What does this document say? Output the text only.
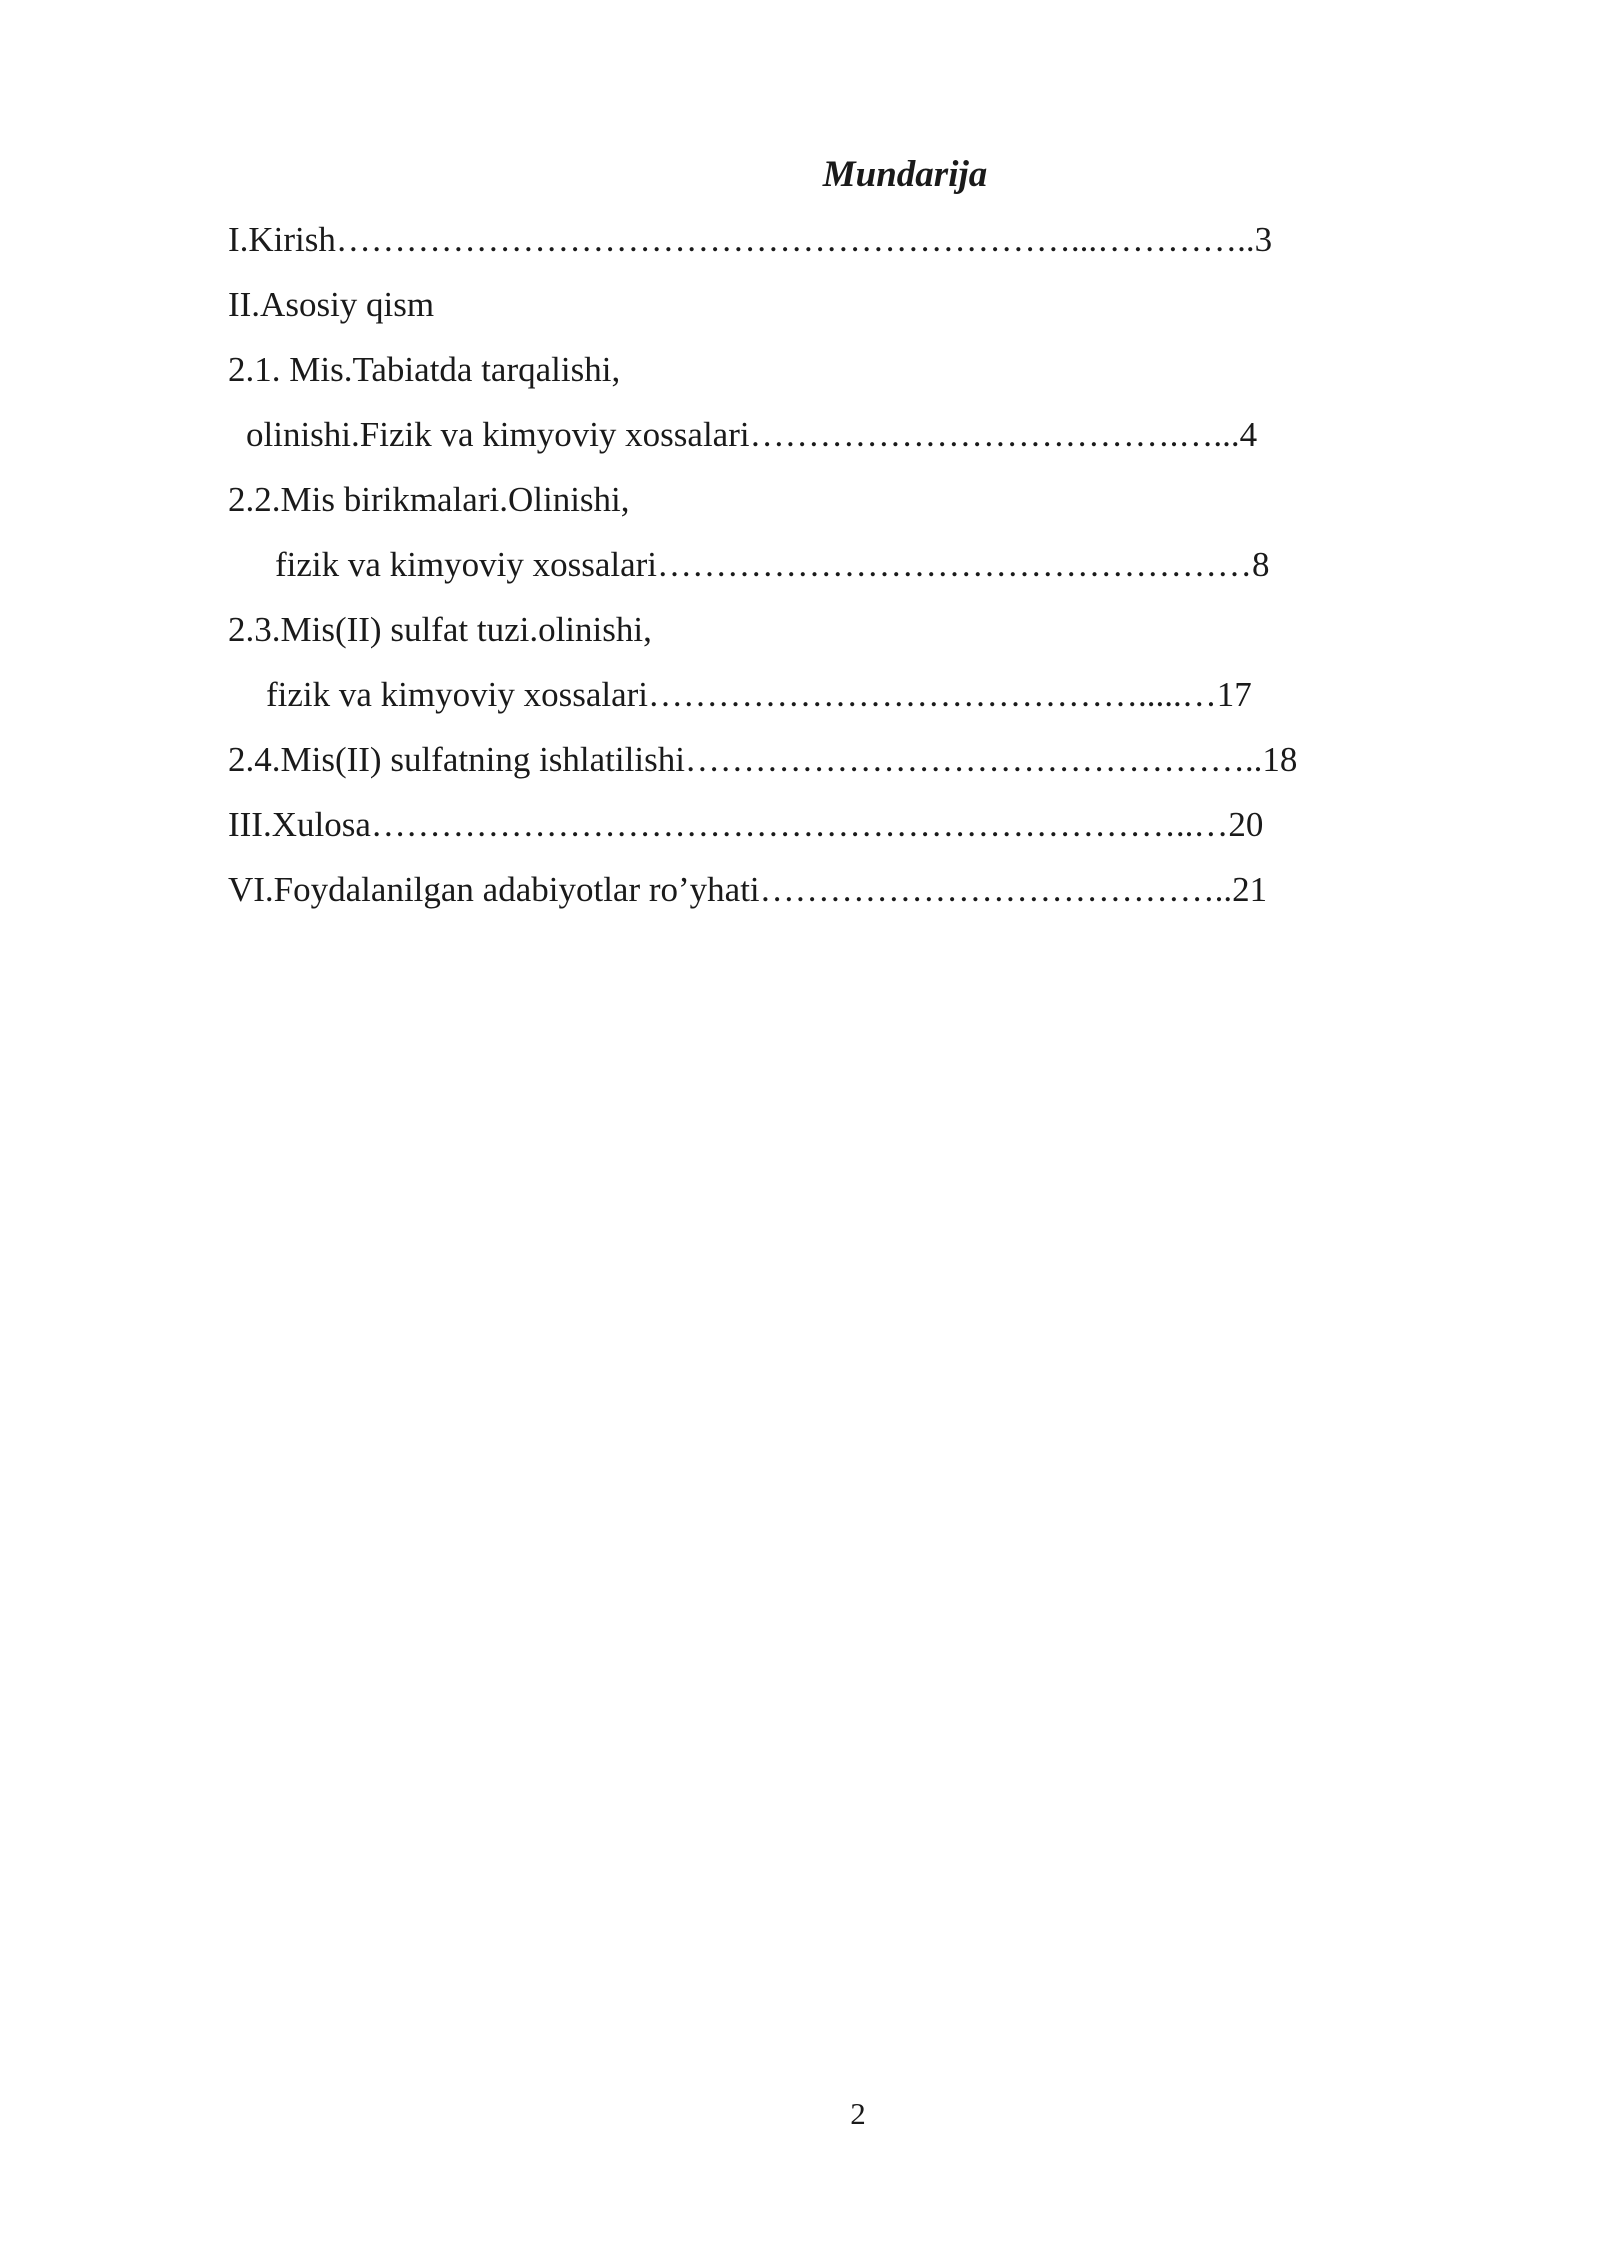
Mundarija
I.Kirish………………………………………………………...…………..3
II.Asosiy qism
2.1. Mis.Tabiatda tarqalishi,
olinishi.Fizik va kimyoviy xossalari……………………………….…...4
2.2.Mis birikmalari.Olinishi,
fizik va kimyoviy xossalari……………………………………………8
2.3.Mis(II) sulfat tuzi.olinishi,
fizik va kimyoviy xossalari…………………………………….....…17
2.4.Mis(II) sulfatning ishlatilishi…………………………………………..18
III.Xulosa……………………………………………………………..…20
VI.Foydalanilgan adabiyotlar ro’yhati…………………………………..21
2
